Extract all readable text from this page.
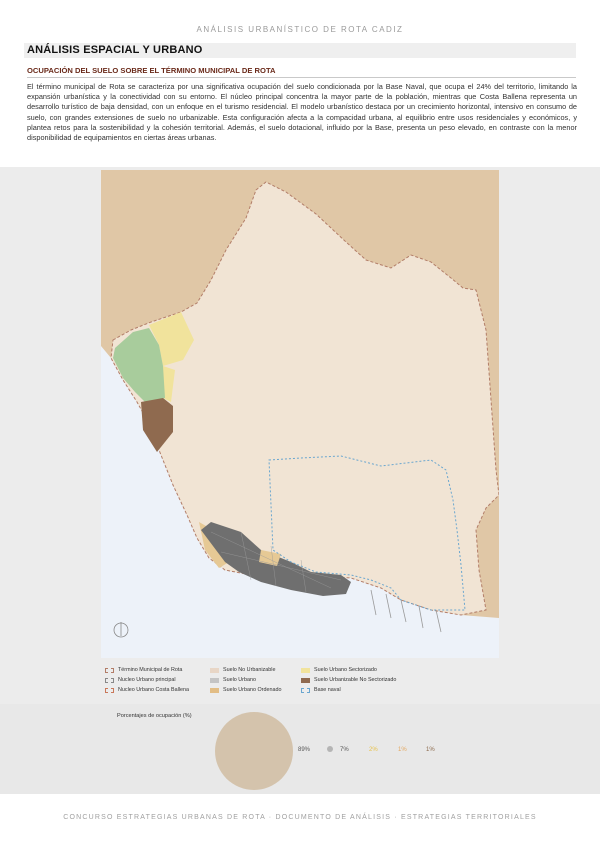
ANÁLISIS URBANÍSTICO DE ROTA CADIZ
ANÁLISIS ESPACIAL Y URBANO
OCUPACIÓN DEL SUELO SOBRE EL TÉRMINO MUNICIPAL DE ROTA
El término municipal de Rota se caracteriza por una significativa ocupación del suelo condicionada por la Base Naval, que ocupa el 24% del territorio, limitando la expansión urbanística y la conectividad con su entorno. El núcleo principal concentra la mayor parte de la población, mientras que Costa Ballena representa un desarrollo turístico de baja densidad, con un enfoque en el turismo residencial. El modelo urbanístico destaca por un crecimiento horizontal, intensivo en consumo de suelo, con grandes extensiones de suelo no urbanizable. Esta configuración afecta a la compacidad urbana, al equilibrio entre usos residenciales y económicos, y plantea retos para la sostenibilidad y la cohesión territorial. Además, el suelo dotacional, influido por la Base, presenta un peso elevado, en contraste con la menor disponibilidad de equipamientos en ciertas áreas urbanas.
Término Municipal de Rota
Nucleo Urbano principal
Nucleo Urbano Costa Ballena
Suelo No Urbanizable
Suelo Urbano
Suelo Urbano Ordenado
Suelo Urbano Sectorizado
Suelo Urbanizable No Sectorizado
Base naval
Porcentajes de ocupación (%)
89%	7%	2%	1%	1%
CONCURSO ESTRATEGIAS URBANAS DE ROTA · DOCUMENTO DE ANÁLISIS · ESTRATEGIAS TERRITORIALES
